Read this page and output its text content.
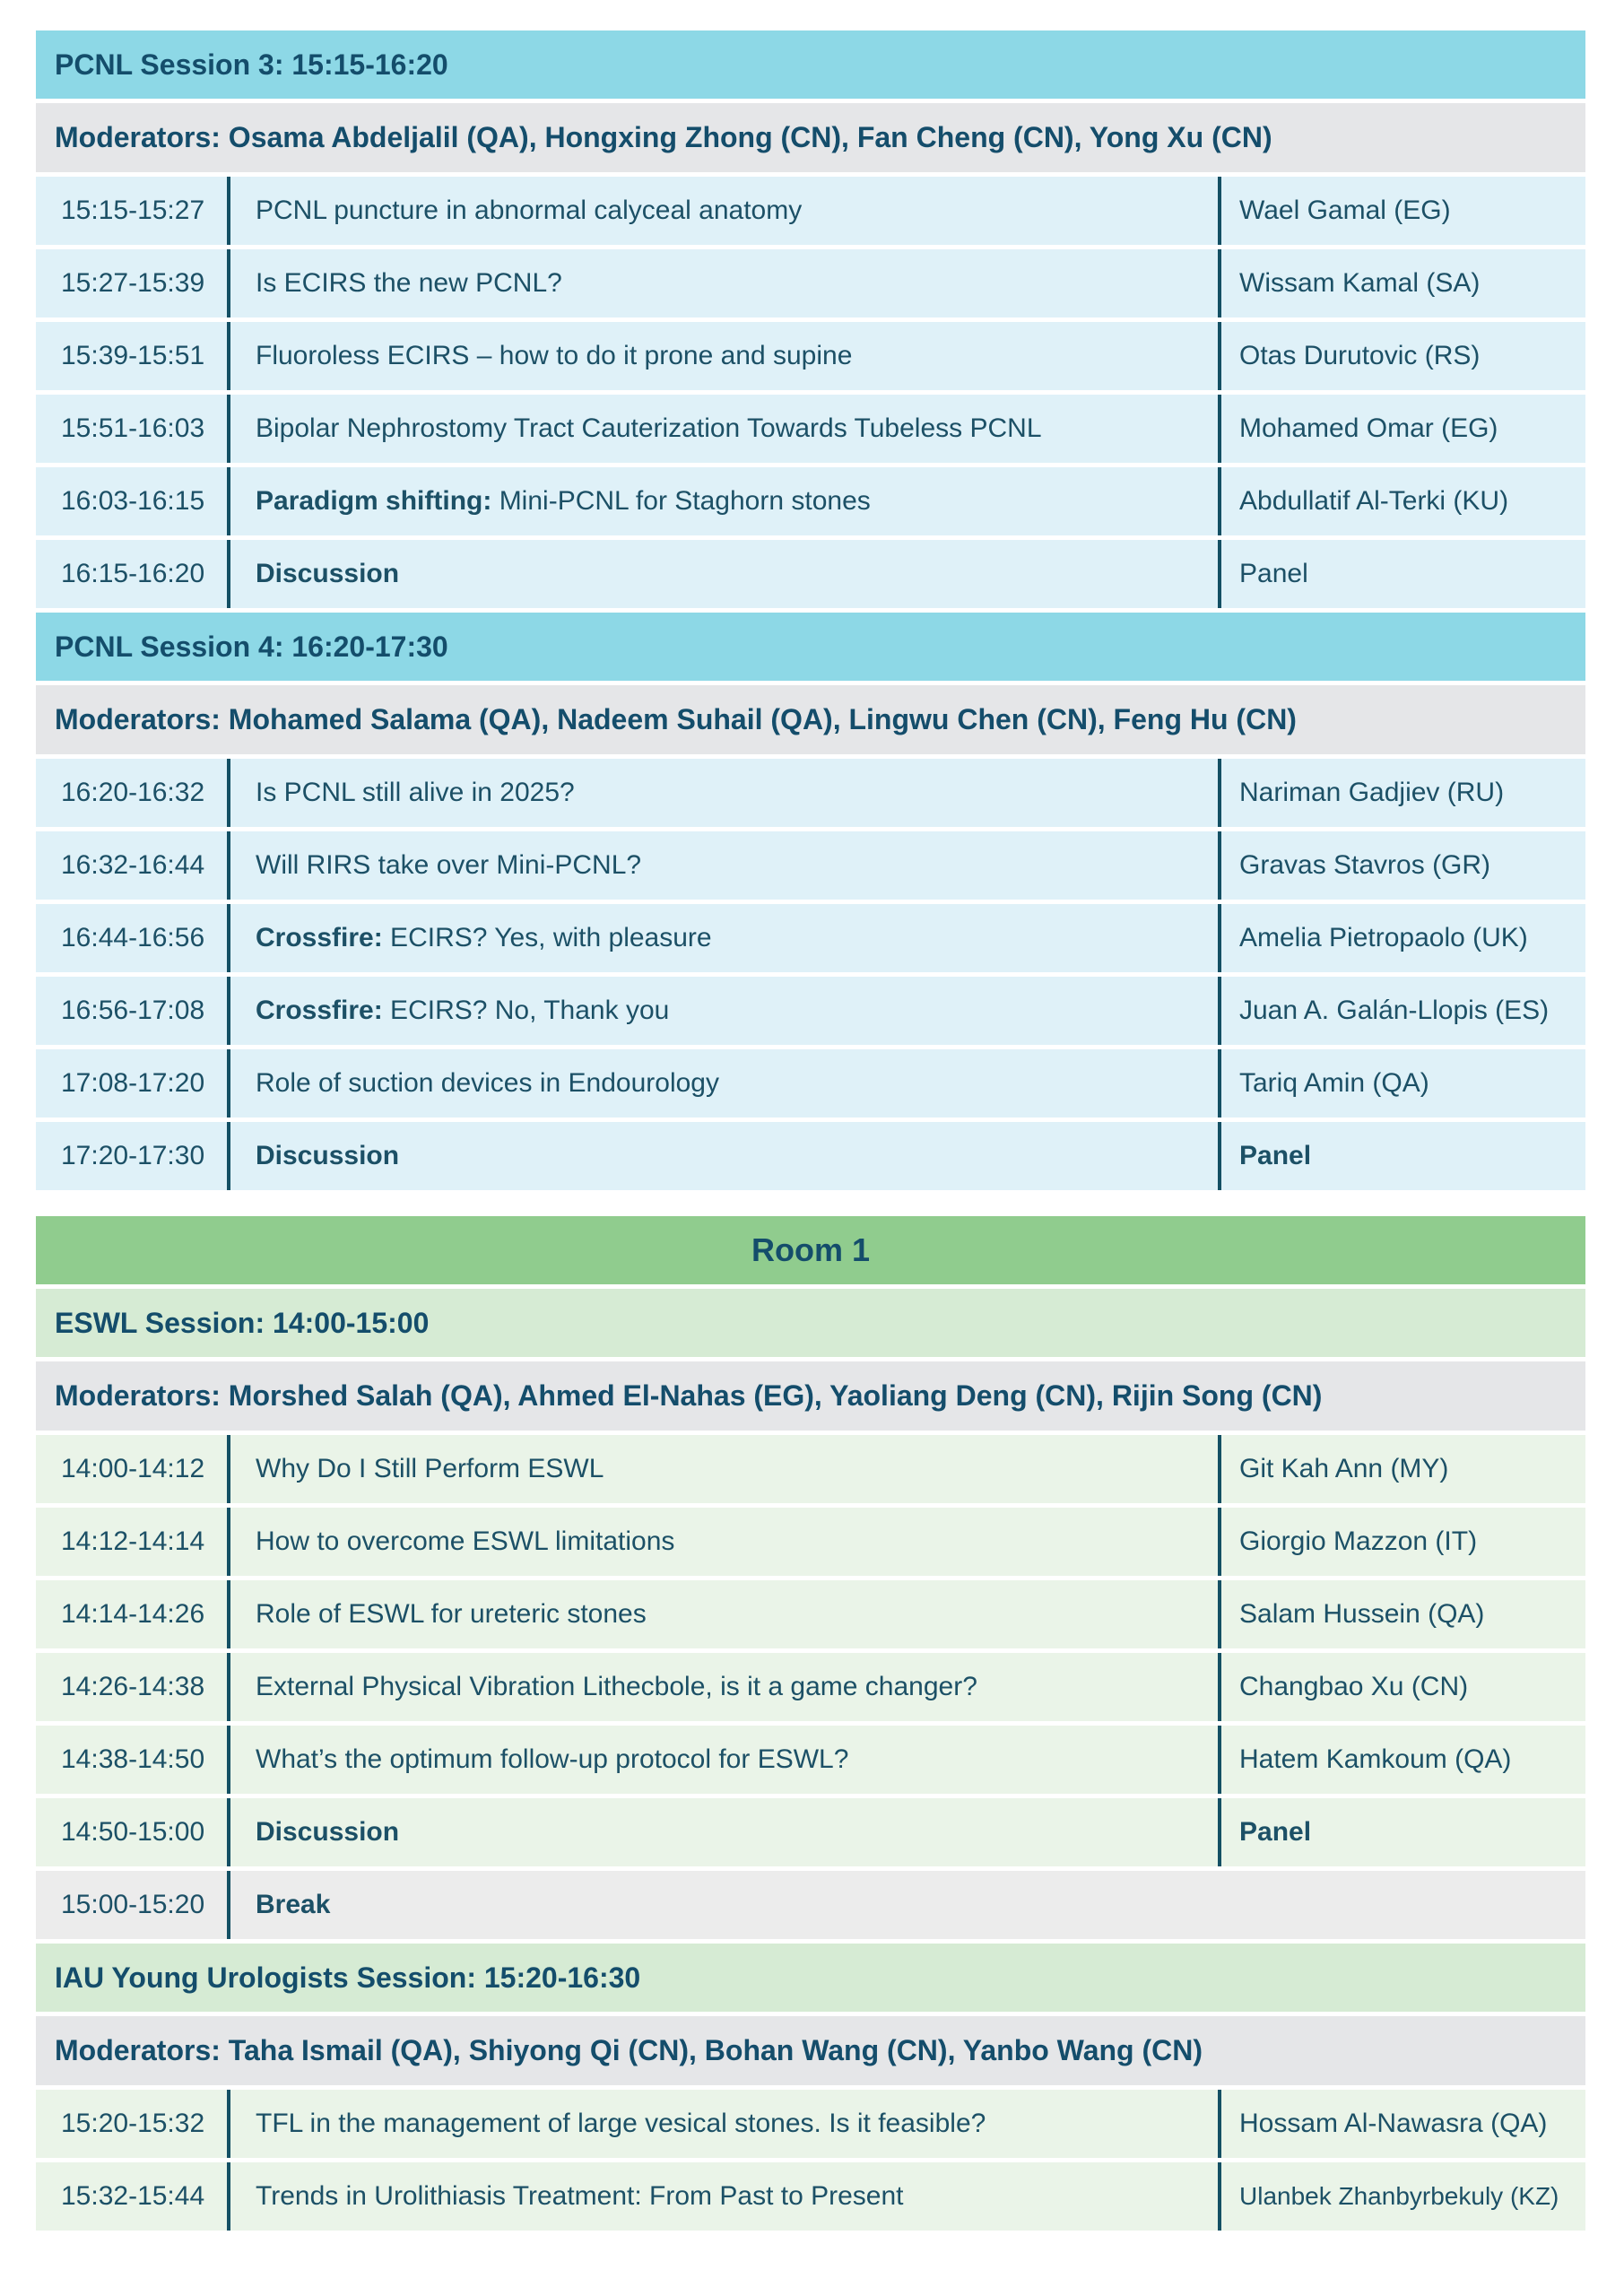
PCNL Session 3: 15:15-16:20
Moderators: Osama Abdeljalil (QA), Hongxing Zhong (CN), Fan Cheng (CN), Yong Xu (CN)
15:15-15:27	PCNL puncture in abnormal calyceal anatomy	Wael Gamal (EG)
15:27-15:39	Is ECIRS the new PCNL?	Wissam Kamal (SA)
15:39-15:51	Fluoroless ECIRS – how to do it prone and supine	Otas Durutovic (RS)
15:51-16:03	Bipolar Nephrostomy Tract Cauterization Towards Tubeless PCNL	Mohamed Omar (EG)
16:03-16:15	Paradigm shifting: Mini-PCNL for Staghorn stones	Abdullatif Al-Terki (KU)
16:15-16:20	Discussion	Panel
PCNL Session 4: 16:20-17:30
Moderators: Mohamed Salama (QA), Nadeem Suhail (QA), Lingwu Chen (CN), Feng Hu (CN)
16:20-16:32	Is PCNL still alive in 2025?	Nariman Gadjiev (RU)
16:32-16:44	Will RIRS take over Mini-PCNL?	Gravas Stavros (GR)
16:44-16:56	Crossfire: ECIRS? Yes, with pleasure	Amelia Pietropaolo (UK)
16:56-17:08	Crossfire: ECIRS? No, Thank you	Juan A. Galán-Llopis (ES)
17:08-17:20	Role of suction devices in Endourology	Tariq Amin (QA)
17:20-17:30	Discussion	Panel
Room 1
ESWL Session: 14:00-15:00
Moderators: Morshed Salah (QA), Ahmed El-Nahas (EG), Yaoliang Deng (CN), Rijin Song (CN)
14:00-14:12	Why Do I Still Perform ESWL	Git Kah Ann (MY)
14:12-14:14	How to overcome ESWL limitations	Giorgio Mazzon (IT)
14:14-14:26	Role of ESWL for ureteric stones	Salam Hussein (QA)
14:26-14:38	External Physical Vibration Lithecbole, is it a game changer?	Changbao Xu (CN)
14:38-14:50	What’s the optimum follow-up protocol for ESWL?	Hatem Kamkoum (QA)
14:50-15:00	Discussion	Panel
15:00-15:20	Break
IAU Young Urologists Session: 15:20-16:30
Moderators: Taha Ismail (QA), Shiyong Qi (CN), Bohan Wang (CN), Yanbo Wang (CN)
15:20-15:32	TFL in the management of large vesical stones. Is it feasible?	Hossam Al-Nawasra (QA)
15:32-15:44	Trends in Urolithiasis Treatment: From Past to Present	Ulanbek Zhanbyrbekuly (KZ)
